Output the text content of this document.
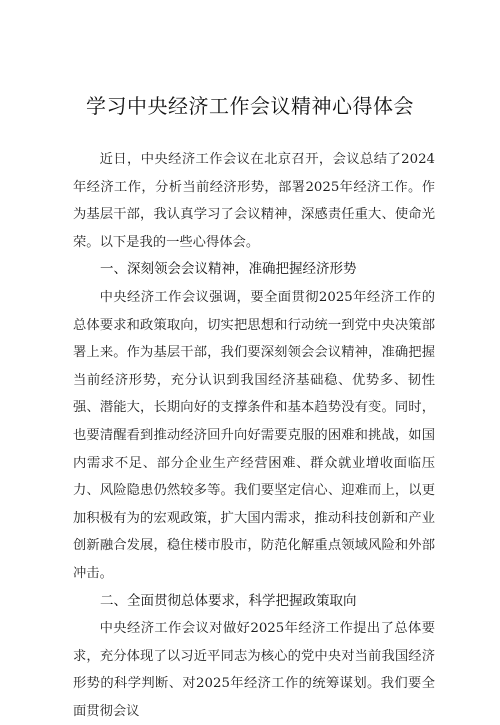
学习中央经济工作会议精神心得体会

近日，中央经济工作会议在北京召开，会议总结了2024年经济工作，分析当前经济形势，部署2025年经济工作。作为基层干部，我认真学习了会议精神，深感责任重大、使命光荣。以下是我的一些心得体会。

一、深刻领会会议精神，准确把握经济形势

中央经济工作会议强调，要全面贯彻2025年经济工作的总体要求和政策取向，切实把思想和行动统一到党中央决策部署上来。作为基层干部，我们要深刻领会会议精神，准确把握当前经济形势，充分认识到我国经济基础稳、优势多、韧性强、潜能大，长期向好的支撑条件和基本趋势没有变。同时，也要清醒看到推动经济回升向好需要克服的困难和挑战，如国内需求不足、部分企业生产经营困难、群众就业增收面临压力、风险隐患仍然较多等。我们要坚定信心、迎难而上，以更加积极有为的宏观政策，扩大国内需求，推动科技创新和产业创新融合发展，稳住楼市股市，防范化解重点领域风险和外部冲击。

二、全面贯彻总体要求，科学把握政策取向

中央经济工作会议对做好2025年经济工作提出了总体要求，充分体现了以习近平同志为核心的党中央对当前我国经济形势的科学判断、对2025年经济工作的统筹谋划。我们要全面贯彻会议
